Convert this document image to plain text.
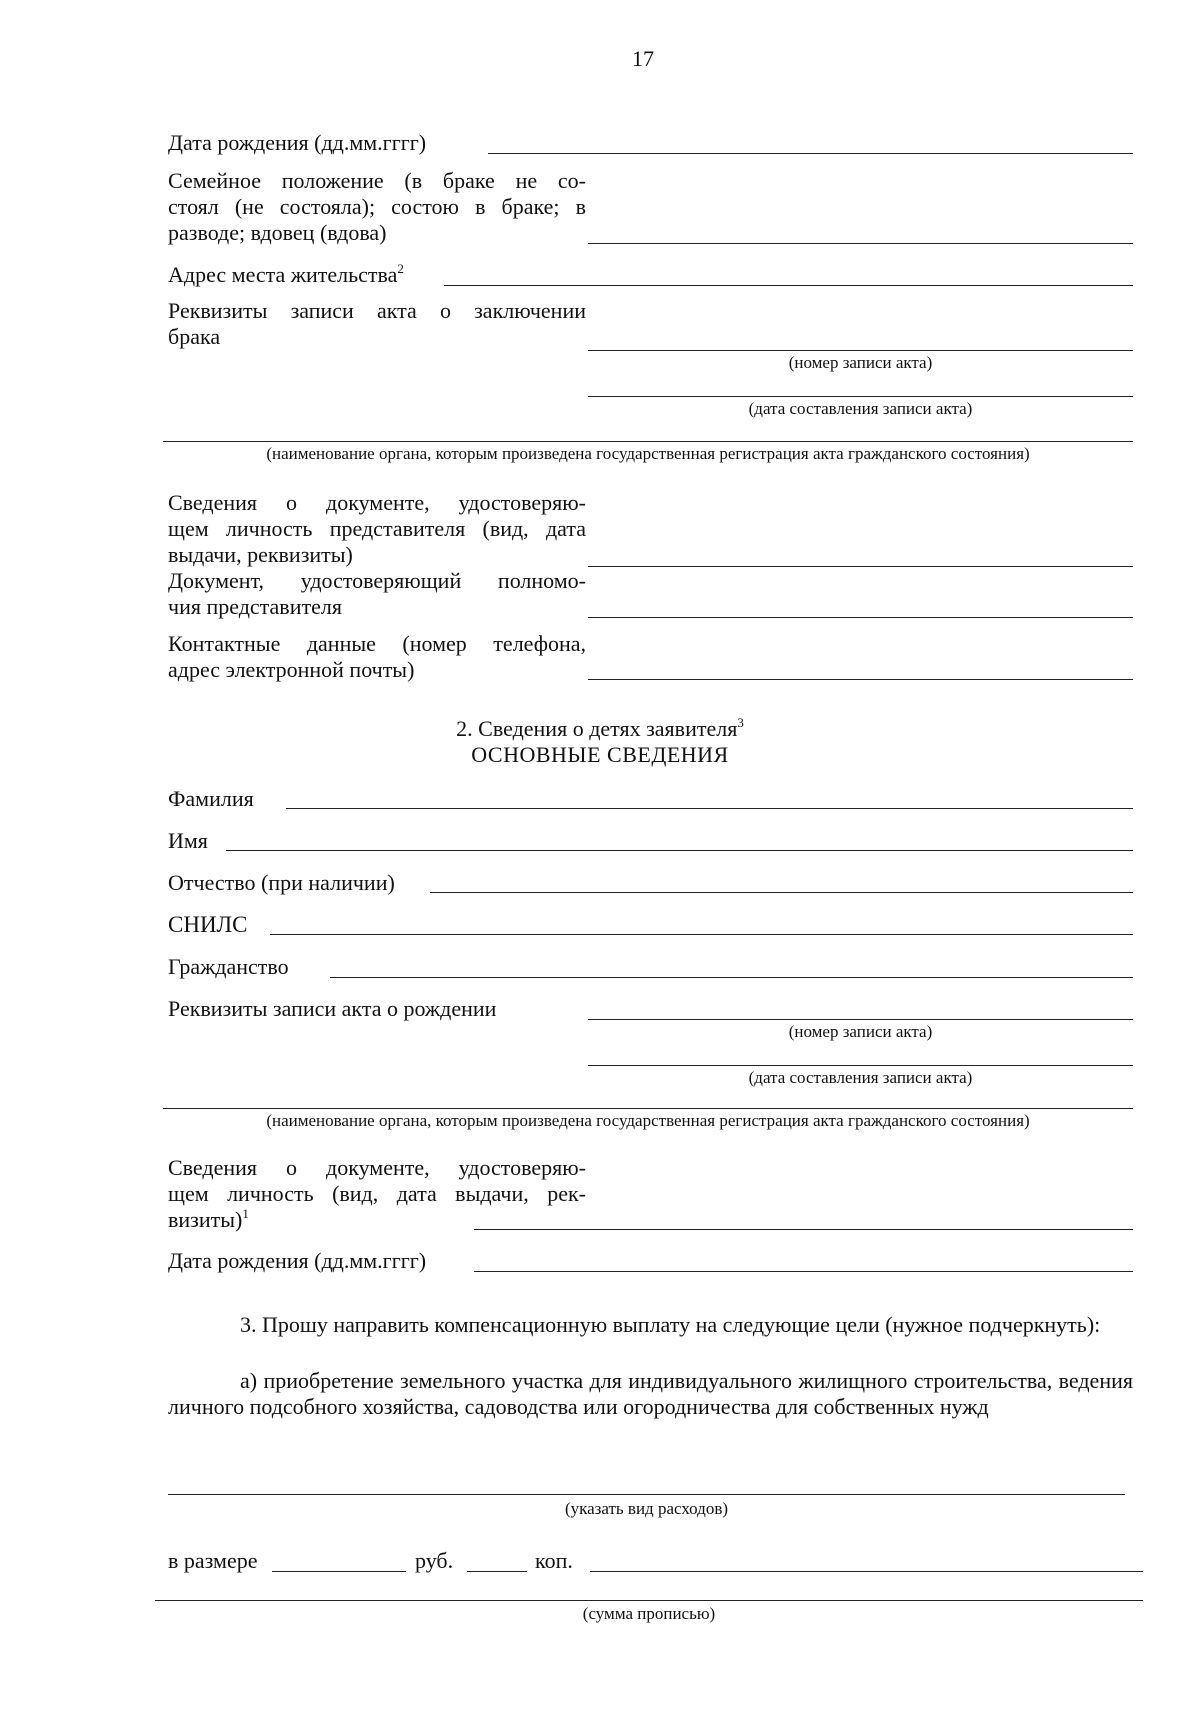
17
Дата рождения (дд.мм.гггг)
Семейное положение (в браке не со-
стоял (не состояла); состою в браке; в
разводе; вдовец (вдова)
Адрес места жительства$^2$
Реквизиты записи акта о заключении
брака
(номер записи акта)
(дата составления записи акта)
(наименование органа, которым произведена государственная регистрация акта гражданского состояния)
Сведения о документе, удостоверяю-
щем личность представителя (вид, дата
выдачи, реквизиты)
Документ, удостоверяющий полномо-
чия представителя
Контактные данные (номер телефона,
адрес электронной почты)
2. Сведения о детях заявителя$^3$
ОСНОВНЫЕ СВЕДЕНИЯ
Фамилия
Имя
Отчество (при наличии)
СНИЛС
Гражданство
Реквизиты записи акта о рождении
(номер записи акта)
(дата составления записи акта)
(наименование органа, которым произведена государственная регистрация акта гражданского состояния)
Сведения о документе, удостоверяю-
щем личность (вид, дата выдачи, рек-
визиты)$^1$
Дата рождения (дд.мм.гггг)
3. Прошу направить компенсационную выплату на следующие цели (нужное подчеркнуть):
а) приобретение земельного участка для индивидуального жилищного строительства, ведения личного подсобного хозяйства, садоводства или огородничества для собственных нужд
(указать вид расходов)
в размере	руб.	коп.
(сумма прописью)
